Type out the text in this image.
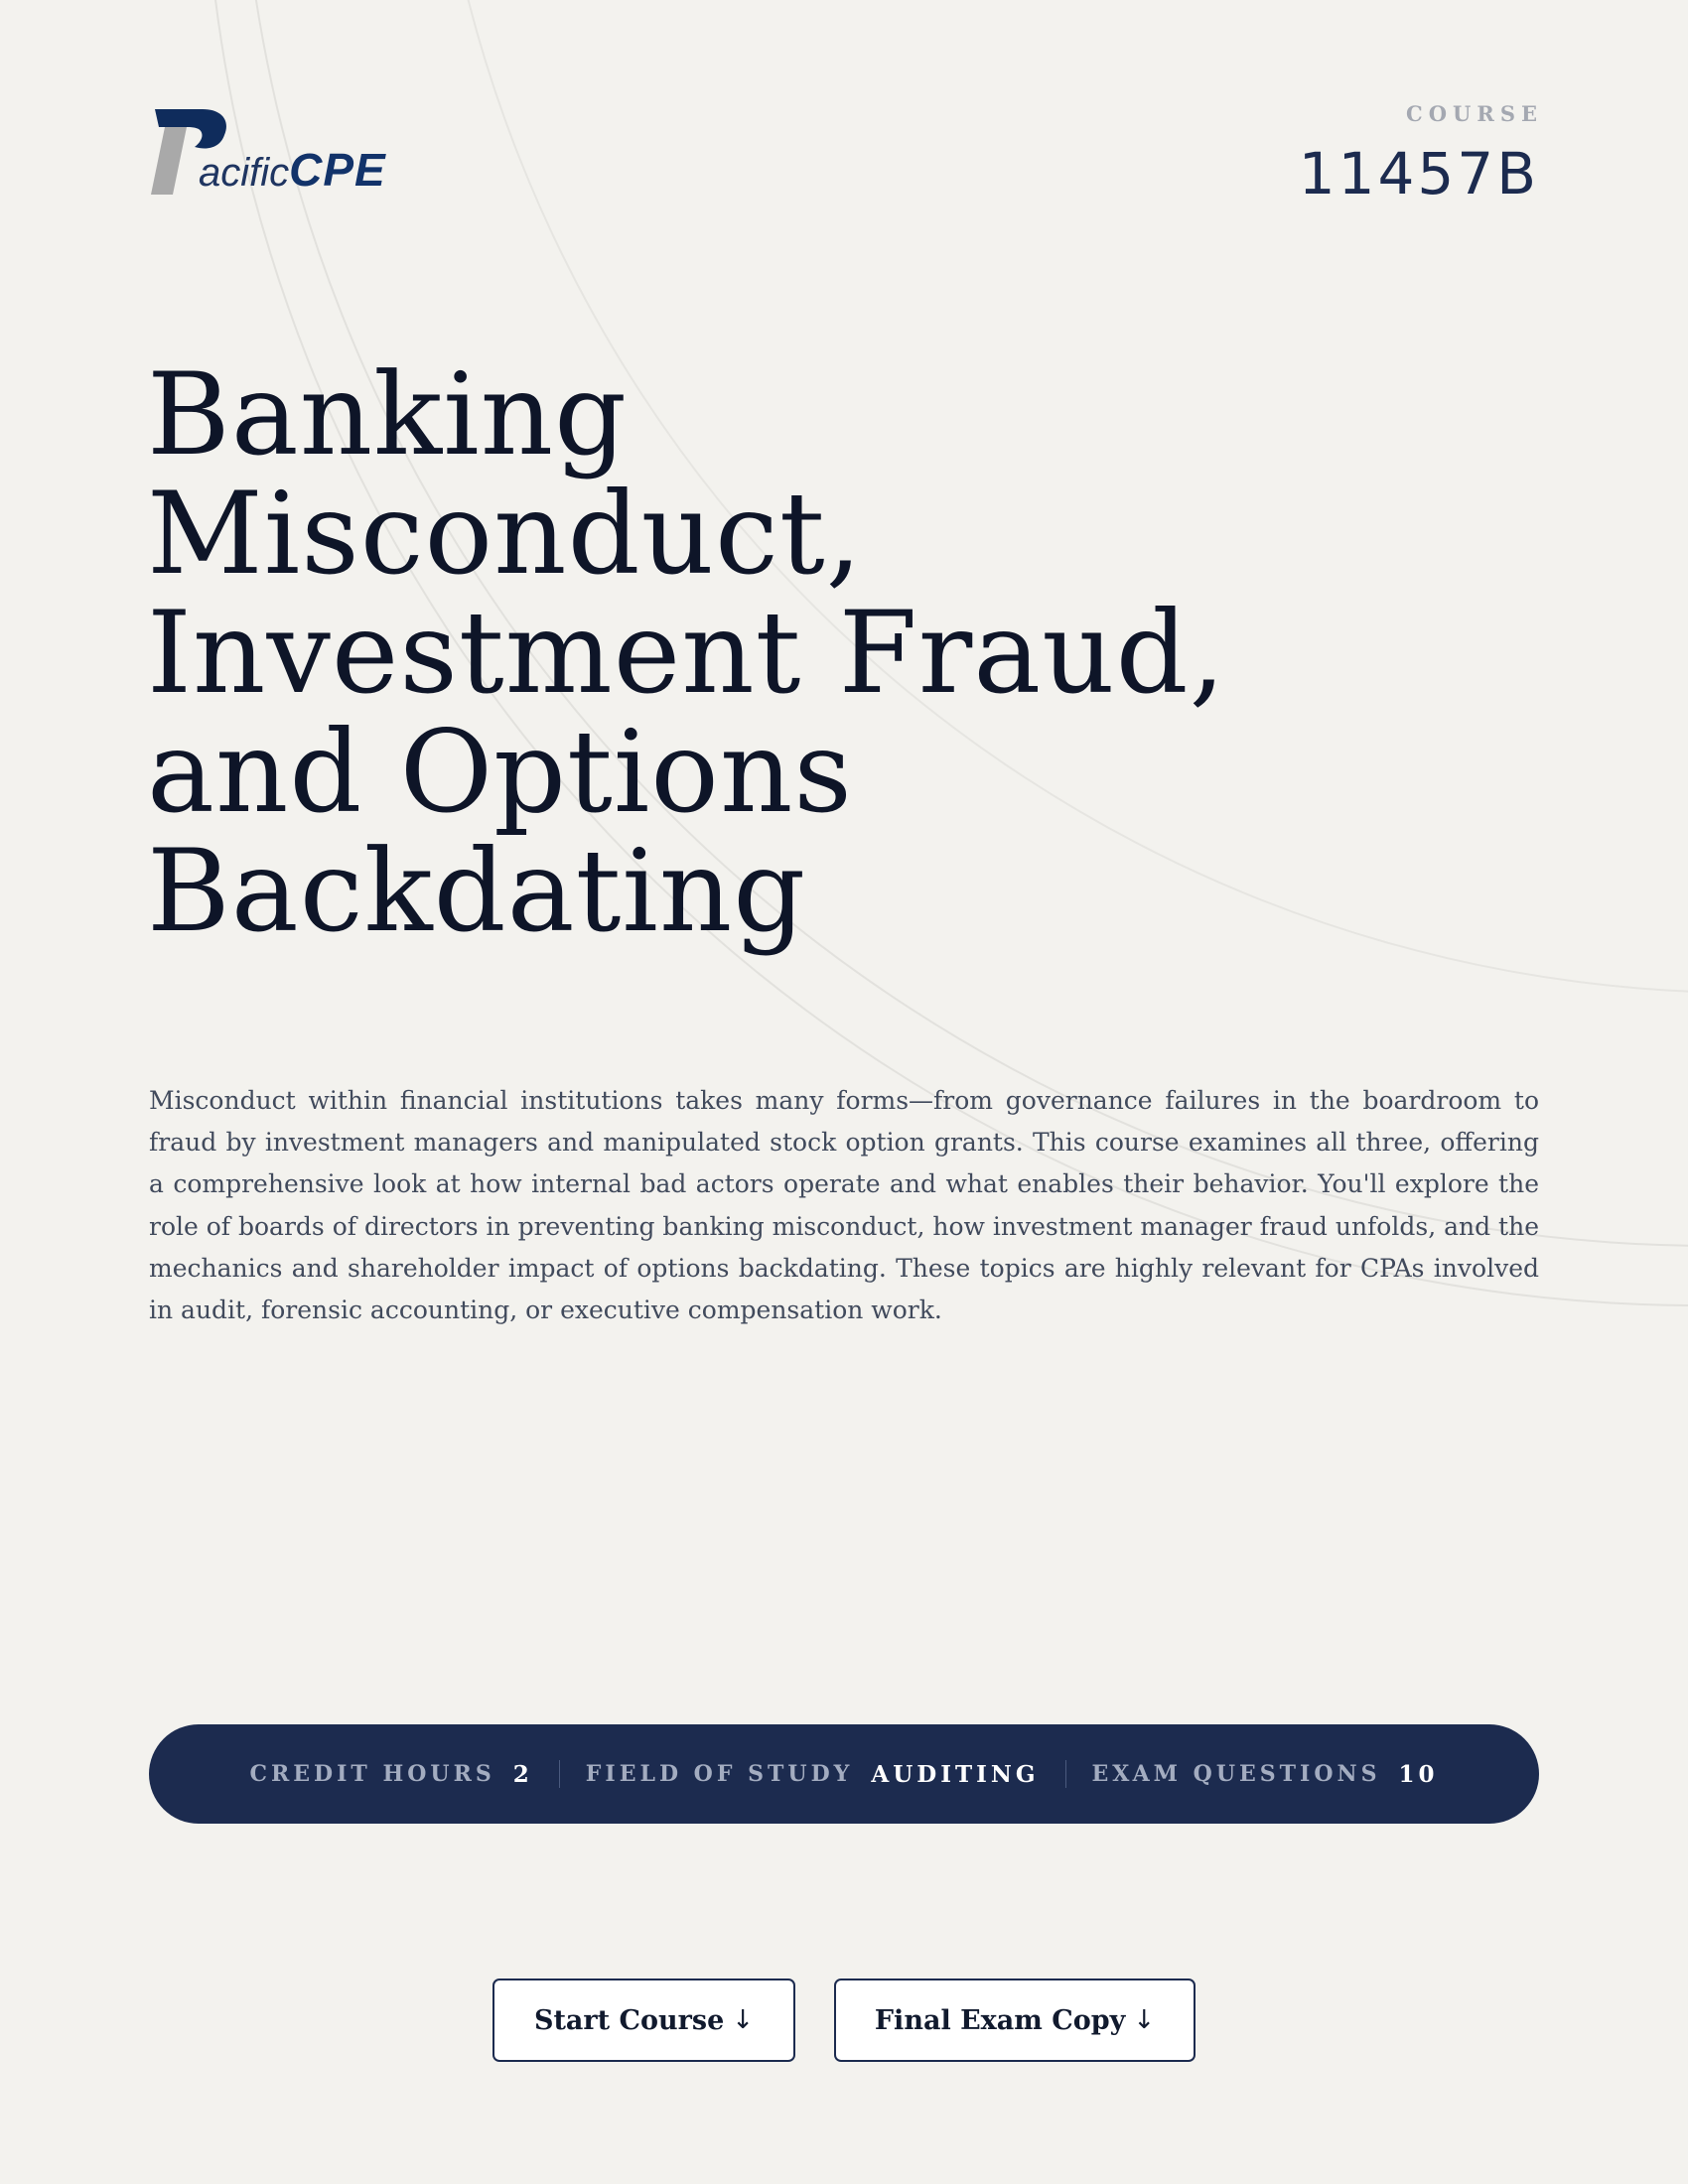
acificCPE
COURSE
11457B
Banking
Misconduct,
Investment Fraud,
and Options
Backdating

Misconduct within financial institutions takes many forms—from governance failures in the boardroom to fraud by investment managers and manipulated stock option grants. This course examines all three, offering a comprehensive look at how internal bad actors operate and what enables their behavior. You'll explore the role of boards of directors in preventing banking misconduct, how investment manager fraud unfolds, and the mechanics and shareholder impact of options backdating. These topics are highly relevant for CPAs involved in audit, forensic accounting, or executive compensation work.

CREDIT HOURS 2 FIELD OF STUDY AUDITING EXAM QUESTIONS 10
Start Course ↓	Final Exam Copy ↓
